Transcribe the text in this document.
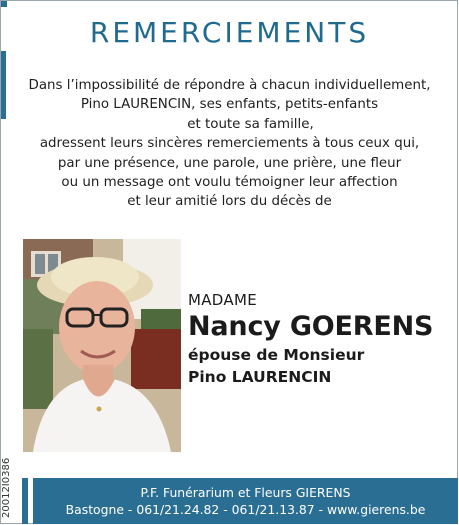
REMERCIEMENTS
Dans l’impossibilité de répondre à chacun individuellement,
Pino LAURENCIN, ses enfants, petits-enfants
et toute sa famille,
adressent leurs sincères remerciements à tous ceux qui,
par une présence, une parole, une prière, une fleur
ou un message ont voulu témoigner leur affection
et leur amitié lors du décès de
MADAME
Nancy GOERENS
épouse de Monsieur
Pino LAURENCIN
20012I0386	P.F. Funérarium et Fleurs GIERENS
Bastogne - 061/21.24.82 - 061/21.13.87 - www.gierens.be
